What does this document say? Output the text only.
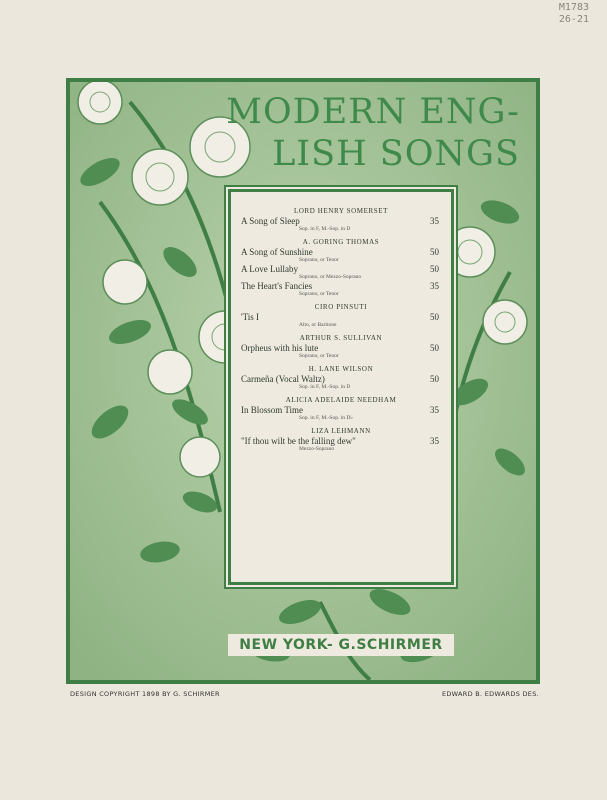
M1783
26-21
MODERN ENG-
LISH SONGS
LORD HENRY SOMERSET
A Song of Sleep
Sop. in F, M.-Sop. in D
35
A. GORING THOMAS
A Song of Sunshine
Soprano, or Tenor
50
A Love Lullaby
Soprano, or Mezzo-Soprano
50
The Heart's Fancies
Soprano, or Tenor
35
CIRO PINSUTI
'Tis I
Alto, or Baritone
50
ARTHUR S. SULLIVAN
Orpheus with his lute
Soprano, or Tenor
50
H. LANE WILSON
Carmeña (Vocal Waltz)
Sop. in F, M.-Sop. in D
50
ALICIA ADELAIDE NEEDHAM
In Blossom Time
Sop. in F, M.-Sop. in D♭
35
LIZA LEHMANN
"If thou wilt be the falling dew"
Mezzo-Soprano
35
NEW YORK- G.SCHIRMER
DESIGN COPYRIGHT 1898 BY G. SCHIRMER	EDWARD B. EDWARDS DES.
